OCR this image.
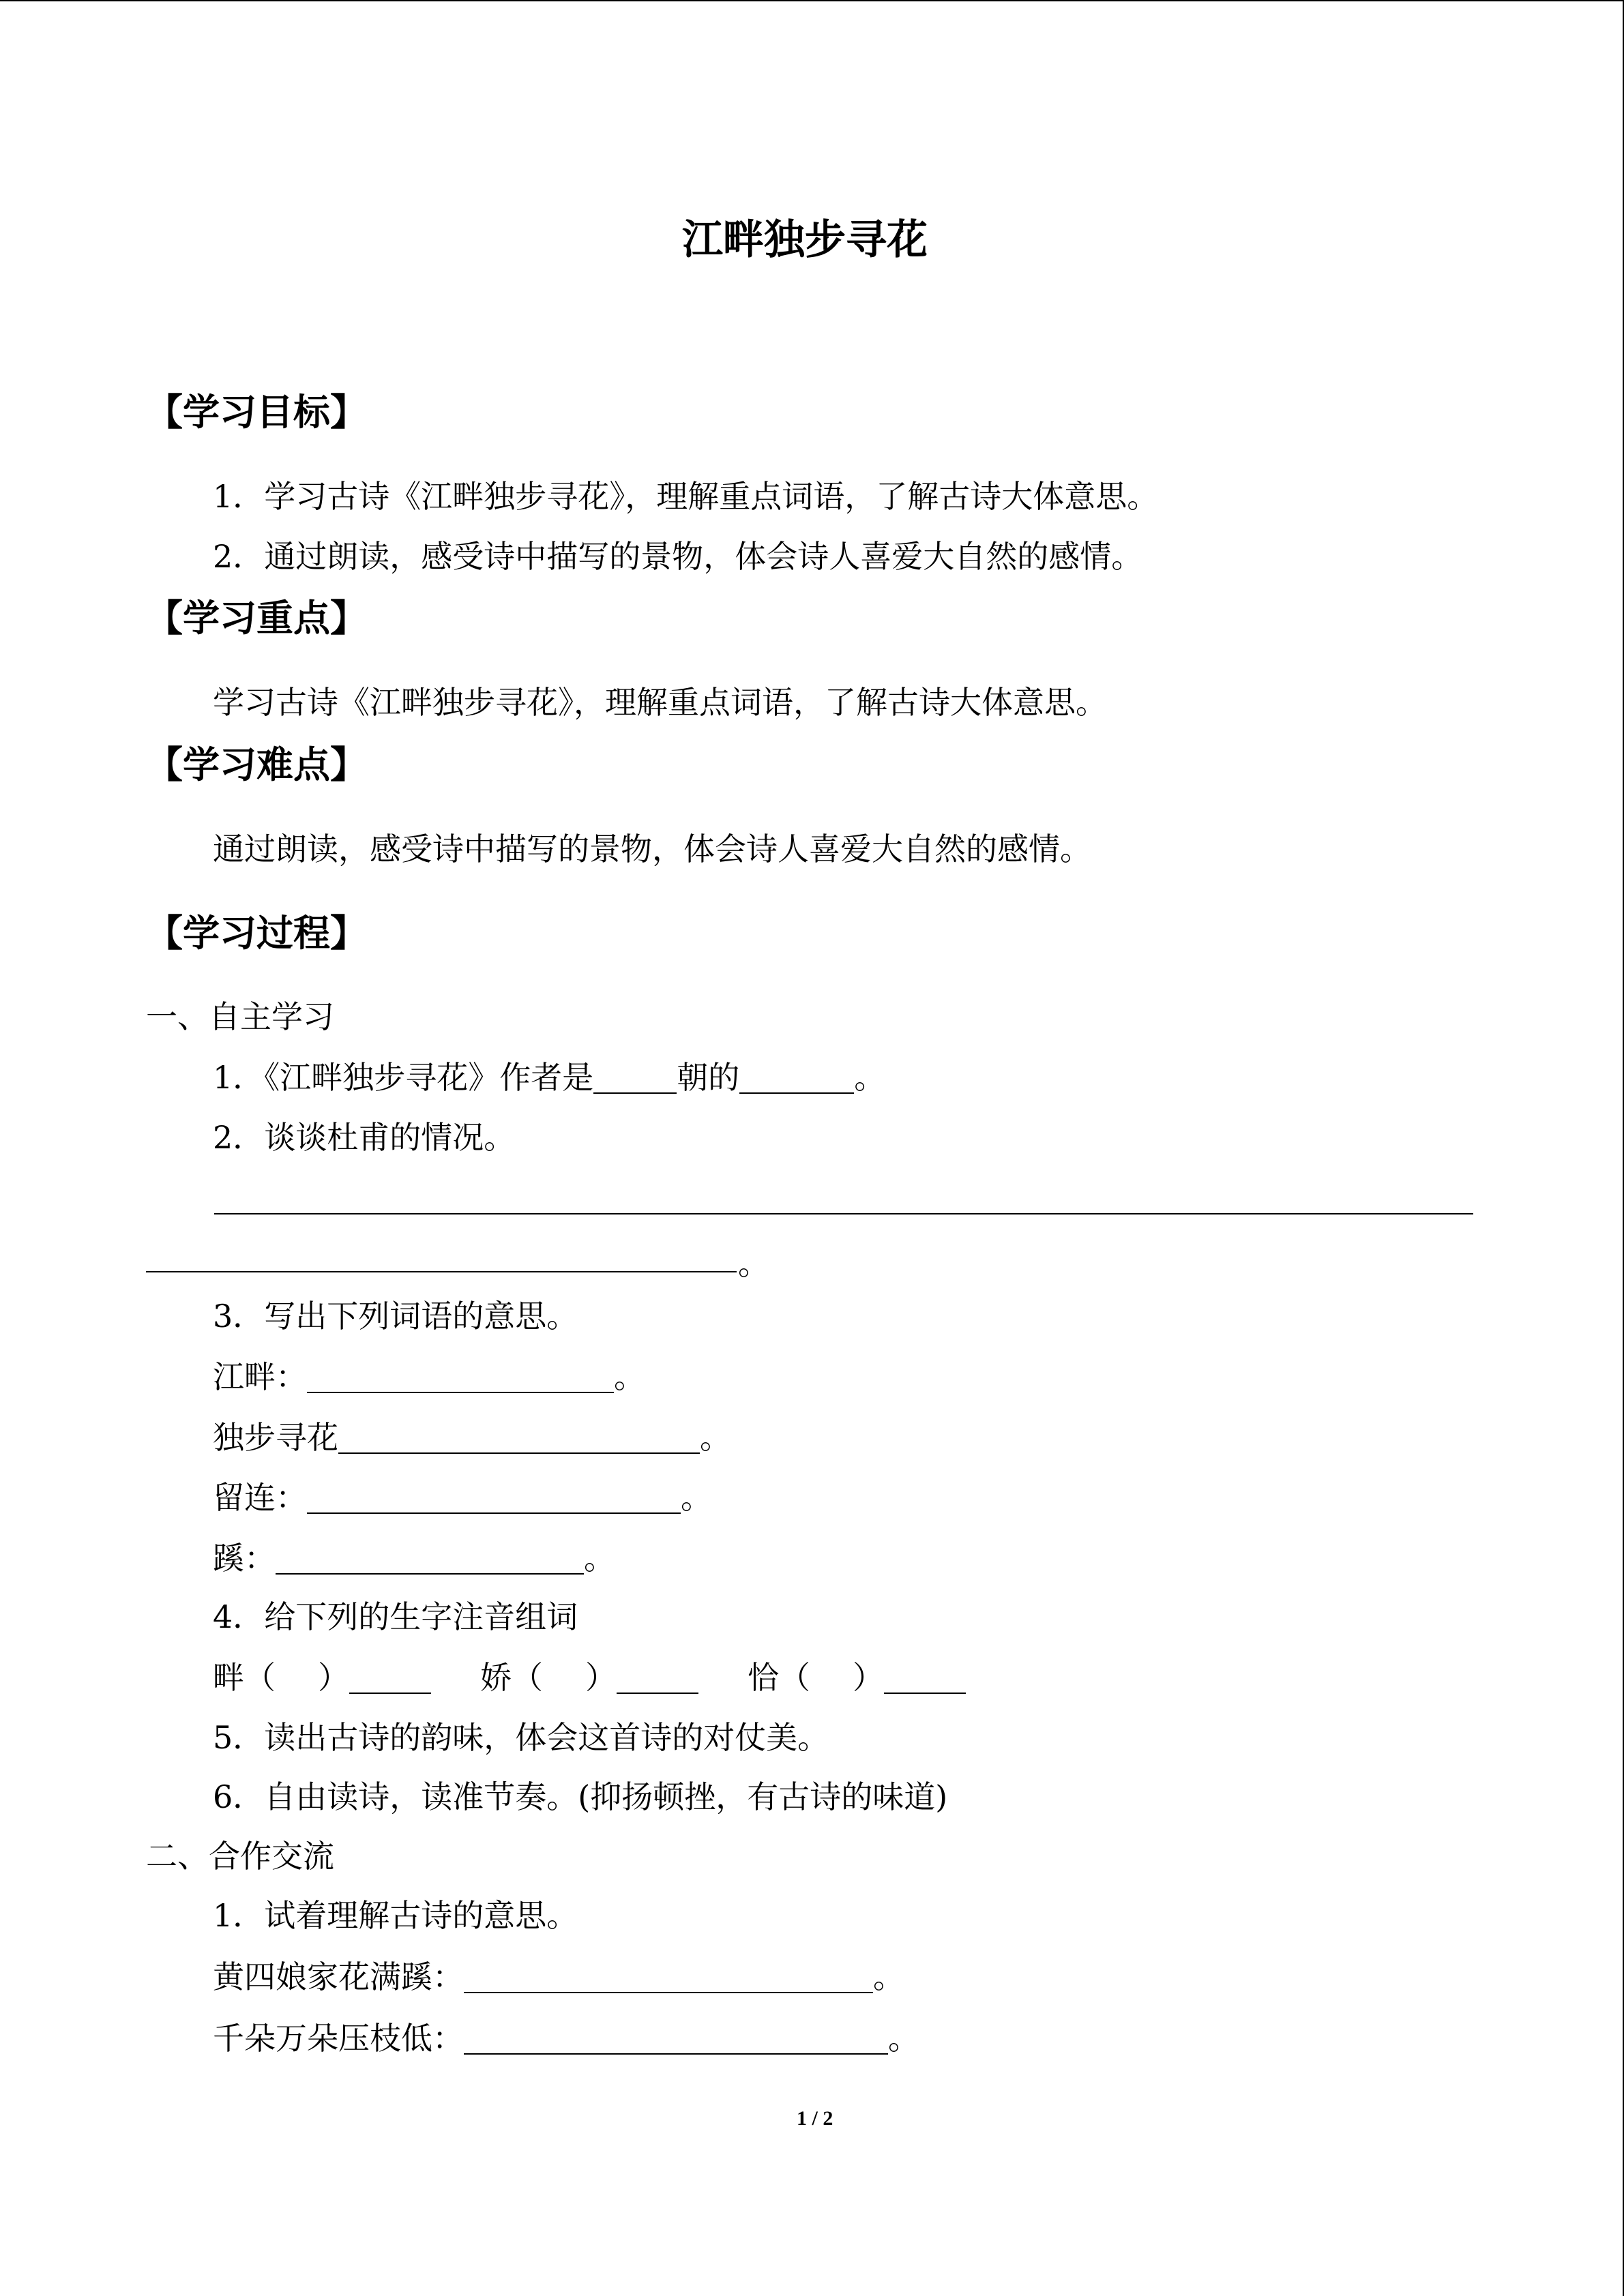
江畔独步寻花
【学习目标】
1．学习古诗《江畔独步寻花》，理解重点词语，了解古诗大体意思。
2．通过朗读，感受诗中描写的景物，体会诗人喜爱大自然的感情。
【学习重点】
学习古诗《江畔独步寻花》，理解重点词语，了解古诗大体意思。
【学习难点】
通过朗读，感受诗中描写的景物，体会诗人喜爱大自然的感情。
【学习过程】
一、自主学习
1．《江畔独步寻花》作者是	朝的	。
2．谈谈杜甫的情况。
。
3．写出下列词语的意思。
江畔：	。
独步寻花	。
留连：	。
蹊：	。
4．给下列的生字注音组词
畔（ ）	娇（ ）	恰（ ）
5．读出古诗的韵味，体会这首诗的对仗美。
6．自由读诗，读准节奏。(抑扬顿挫，有古诗的味道)
二、合作交流
1．试着理解古诗的意思。
黄四娘家花满蹊：	。
千朵万朵压枝低：	。
1 / 2
